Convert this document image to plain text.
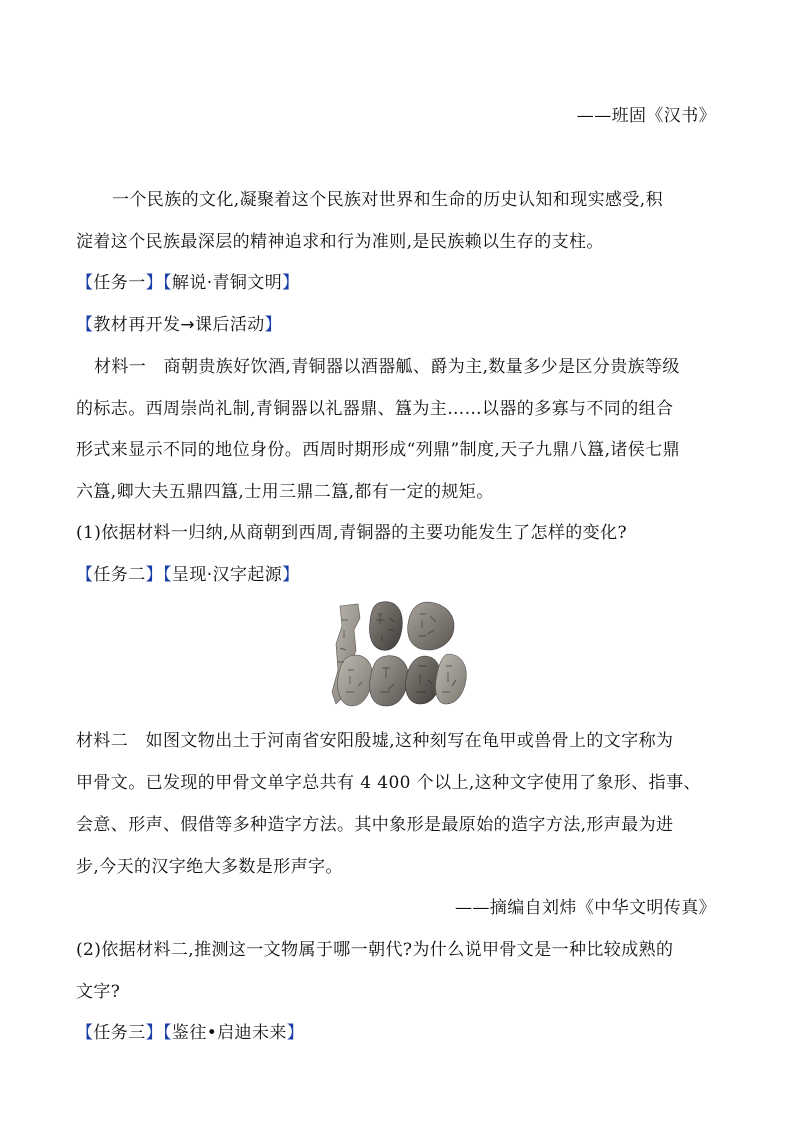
——班固《汉书》
一个民族的文化,凝聚着这个民族对世界和生命的历史认知和现实感受,积
淀着这个民族最深层的精神追求和行为准则,是民族赖以生存的支柱。
【任务一】【解说·青铜文明】
【教材再开发→课后活动】
材料一　商朝贵族好饮酒,青铜器以酒器觚、爵为主,数量多少是区分贵族等级
的标志。西周崇尚礼制,青铜器以礼器鼎、簋为主……以器的多寡与不同的组合
形式来显示不同的地位身份。西周时期形成“列鼎”制度,天子九鼎八簋,诸侯七鼎
六簋,卿大夫五鼎四簋,士用三鼎二簋,都有一定的规矩。
(1)依据材料一归纳,从商朝到西周,青铜器的主要功能发生了怎样的变化?
【任务二】【呈现·汉字起源】
材料二　如图文物出土于河南省安阳殷墟,这种刻写在龟甲或兽骨上的文字称为
甲骨文。已发现的甲骨文单字总共有 4 400 个以上,这种文字使用了象形、指事、
会意、形声、假借等多种造字方法。其中象形是最原始的造字方法,形声最为进
步,今天的汉字绝大多数是形声字。
——摘编自刘炜《中华文明传真》
(2)依据材料二,推测这一文物属于哪一朝代?为什么说甲骨文是一种比较成熟的
文字?
【任务三】【鉴往•启迪未来】
